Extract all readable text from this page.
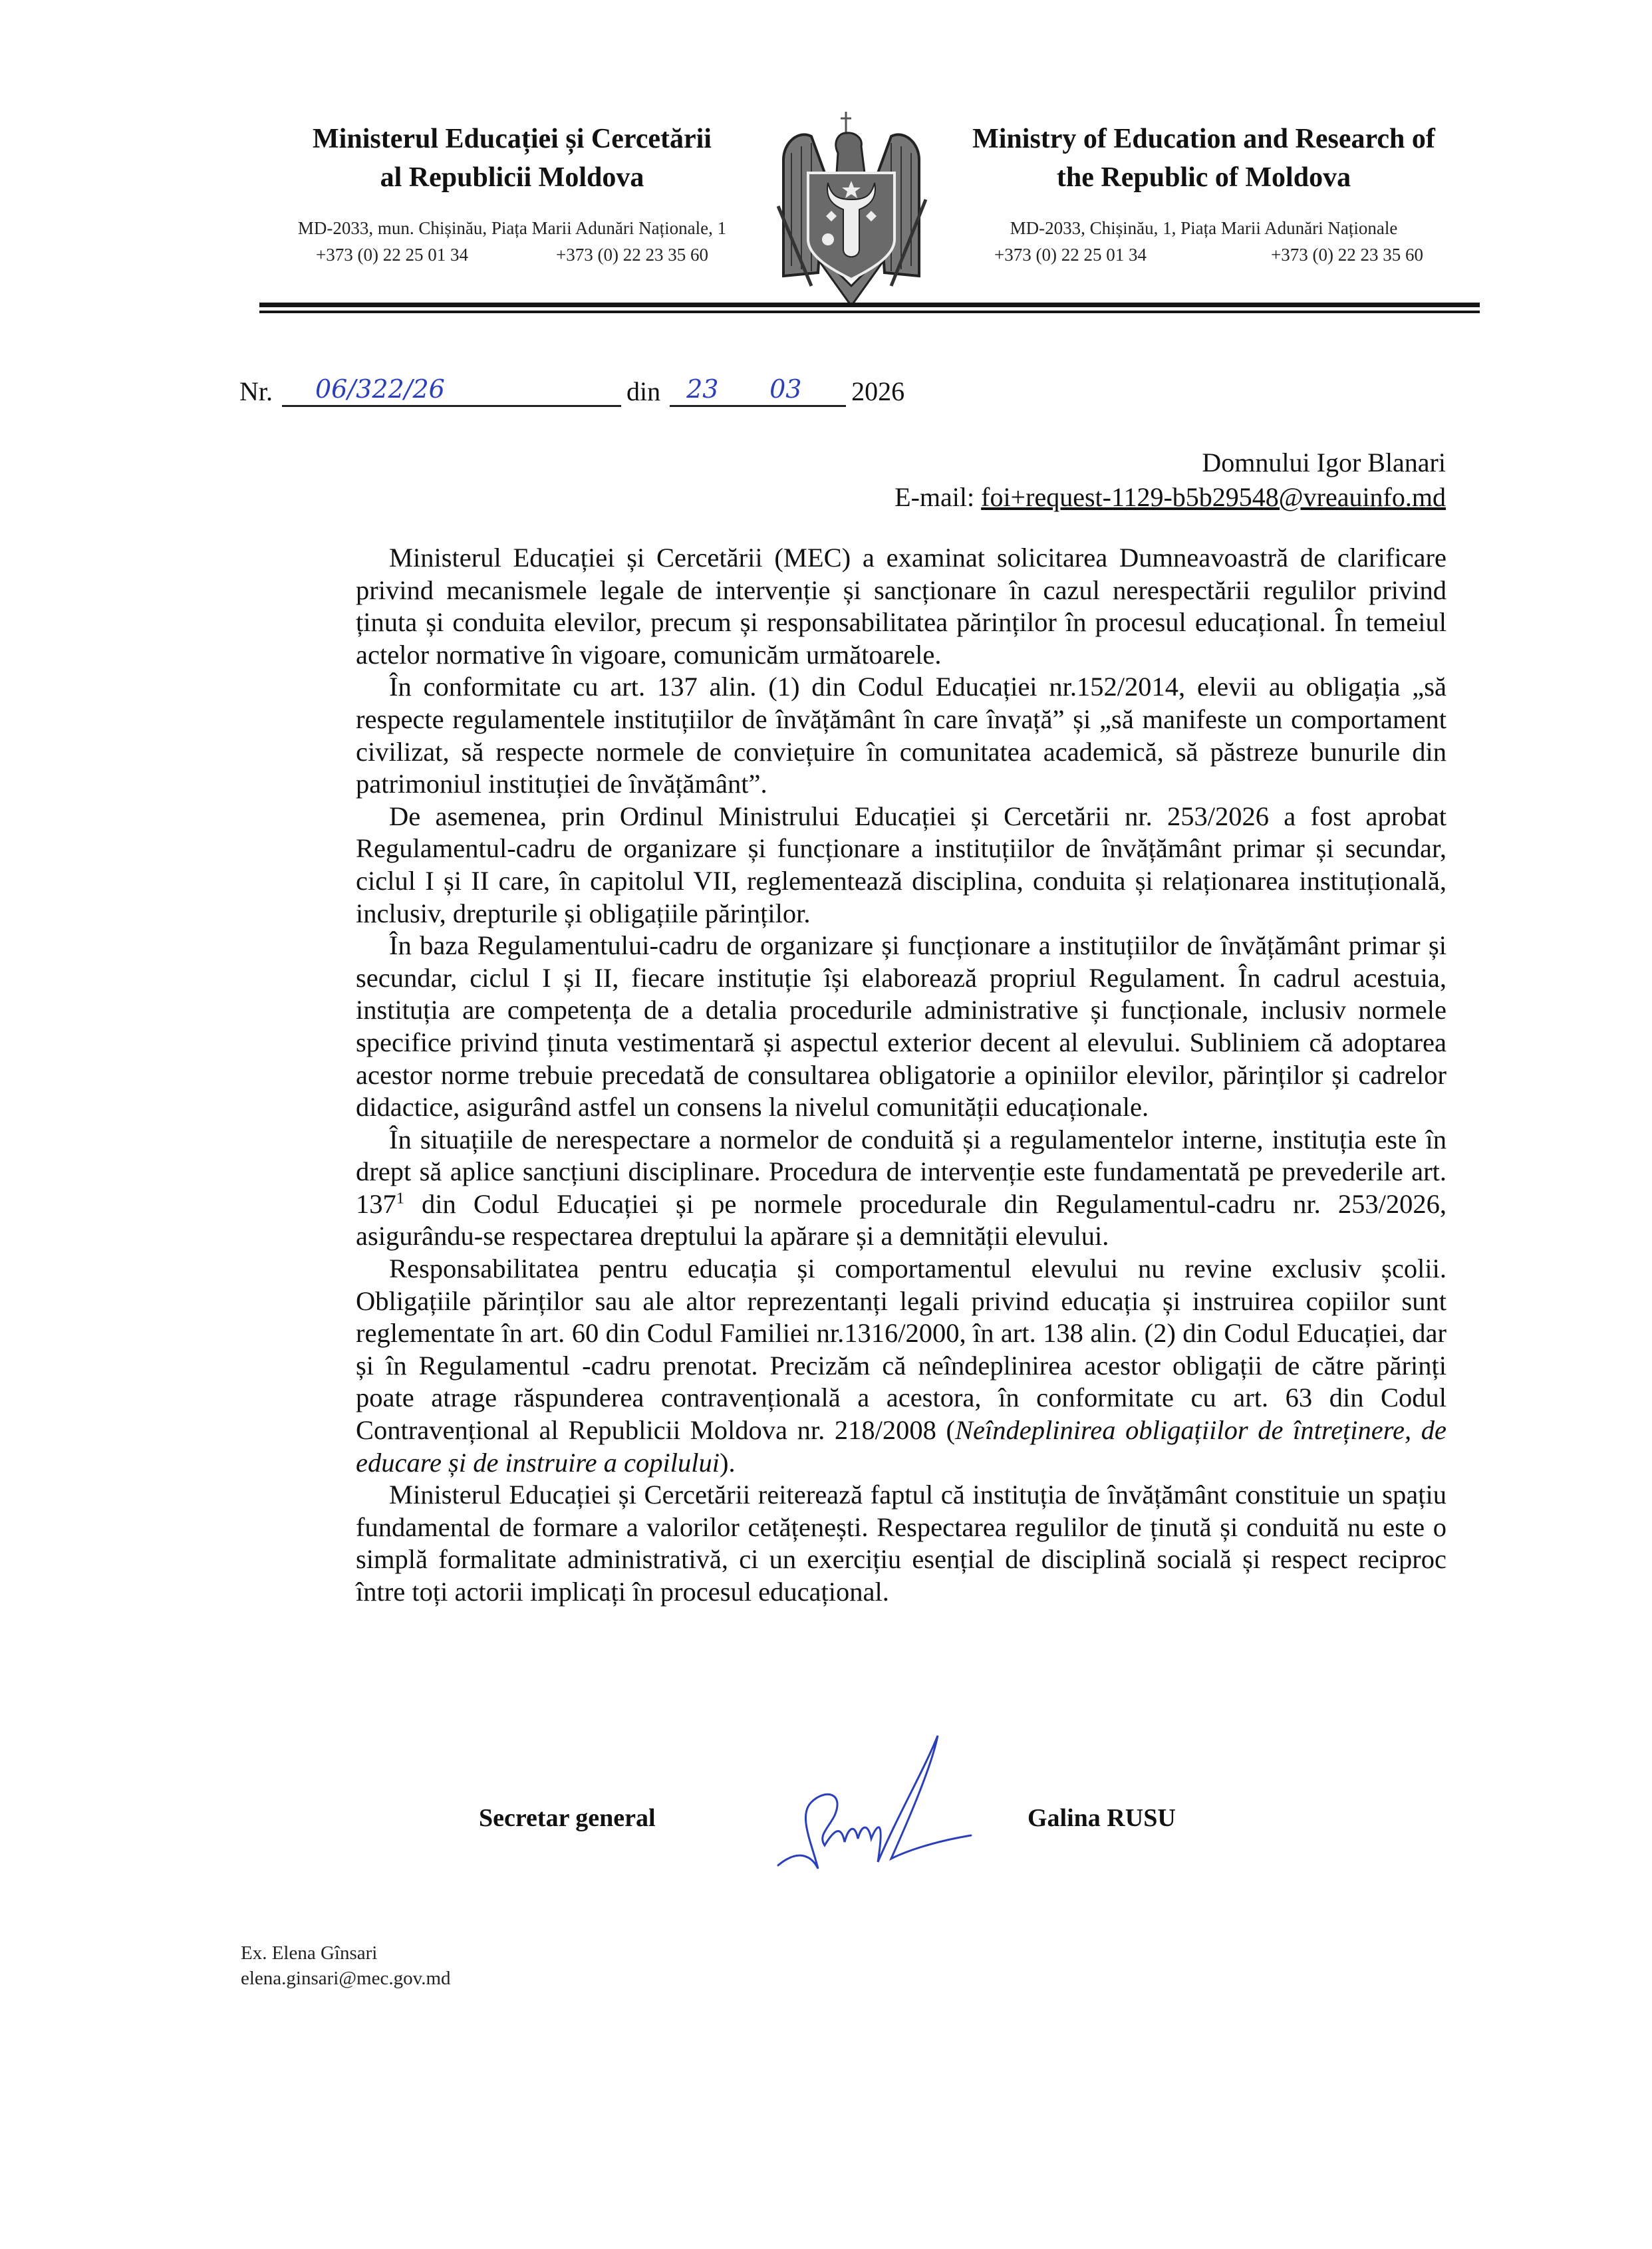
Ministerul Educației și Cercetării
al Republicii Moldova
MD-2033, mun. Chișinău, Piața Marii Adunări Naționale, 1
+373 (0) 22 25 01 34	+373 (0) 22 23 35 60
Ministry of Education and Research of
the Republic of Moldova
MD-2033, Chișinău, 1, Piața Marii Adunări Naționale
+373 (0) 22 25 01 34	+373 (0) 22 23 35 60
Nr. 06/322/26	din 23 03 2026
Domnului Igor Blanari
E-mail: foi+request-1129-b5b29548@vreauinfo.md

Ministerul Educației și Cercetării (MEC) a examinat solicitarea Dumneavoastră de clarificare privind mecanismele legale de intervenție și sancționare în cazul nerespectării regulilor privind ținuta și conduita elevilor, precum și responsabilitatea părinților în procesul educațional. În temeiul actelor normative în vigoare, comunicăm următoarele.

În conformitate cu art. 137 alin. (1) din Codul Educației nr.152/2014, elevii au obligația „să respecte regulamentele instituțiilor de învățământ în care învață” și „să manifeste un comportament civilizat, să respecte normele de conviețuire în comunitatea academică, să păstreze bunurile din patrimoniul instituției de învățământ”.

De asemenea, prin Ordinul Ministrului Educației și Cercetării nr. 253/2026 a fost aprobat Regulamentul-cadru de organizare și funcționare a instituțiilor de învățământ primar și secundar, ciclul I și II care, în capitolul VII, reglementează disciplina, conduita și relaționarea instituțională, inclusiv, drepturile și obligațiile părinților.

În baza Regulamentului-cadru de organizare și funcționare a instituțiilor de învățământ primar și secundar, ciclul I și II, fiecare instituție își elaborează propriul Regulament. În cadrul acestuia, instituția are competența de a detalia procedurile administrative și funcționale, inclusiv normele specifice privind ținuta vestimentară și aspectul exterior decent al elevului. Subliniem că adoptarea acestor norme trebuie precedată de consultarea obligatorie a opiniilor elevilor, părinților și cadrelor didactice, asigurând astfel un consens la nivelul comunității educaționale.

În situațiile de nerespectare a normelor de conduită și a regulamentelor interne, instituția este în drept să aplice sancțiuni disciplinare. Procedura de intervenție este fundamentată pe prevederile art. $137^1$ din Codul Educației și pe normele procedurale din Regulamentul-cadru nr. 253/2026, asigurându-se respectarea dreptului la apărare și a demnității elevului.

Responsabilitatea pentru educația și comportamentul elevului nu revine exclusiv școlii. Obligațiile părinților sau ale altor reprezentanți legali privind educația și instruirea copiilor sunt reglementate în art. 60 din Codul Familiei nr.1316/2000, în art. 138 alin. (2) din Codul Educației, dar și în Regulamentul -cadru prenotat. Precizăm că neîndeplinirea acestor obligații de către părinți poate atrage răspunderea contravențională a acestora, în conformitate cu art. 63 din Codul Contravențional al Republicii Moldova nr. 218/2008 (Neîndeplinirea obligațiilor de întreținere, de educare și de instruire a copilului).

Ministerul Educației și Cercetării reiterează faptul că instituția de învățământ constituie un spațiu fundamental de formare a valorilor cetățenești. Respectarea regulilor de ținută și conduită nu este o simplă formalitate administrativă, ci un exercițiu esențial de disciplină socială și respect reciproc între toți actorii implicați în procesul educațional.

Secretar general	Galina RUSU
Ex. Elena Gînsari
elena.ginsari@mec.gov.md
